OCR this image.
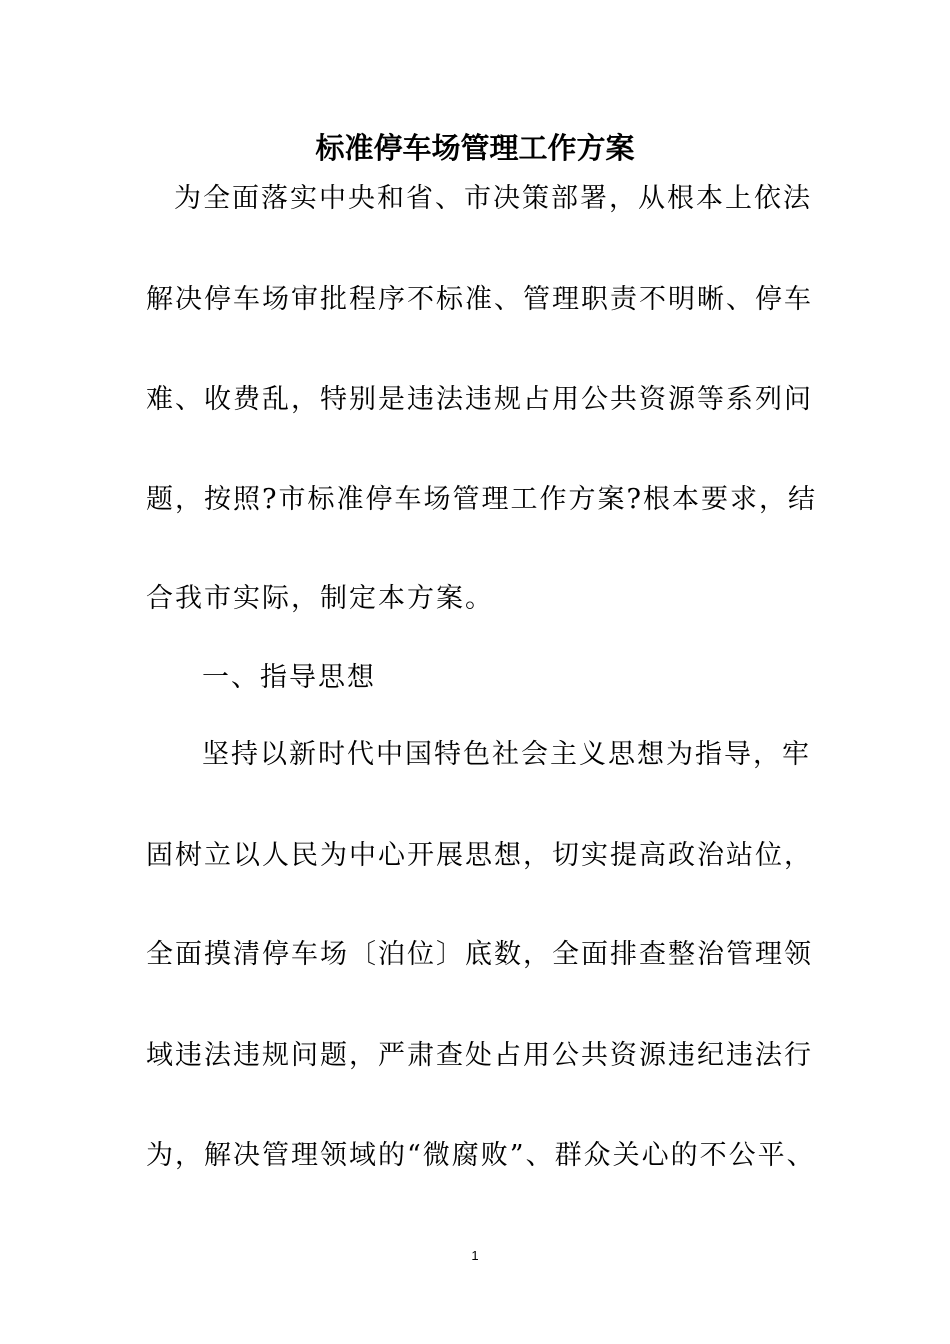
标准停车场管理工作方案
为全面落实中央和省、市决策部署，从根本上依法
解决停车场审批程序不标准、管理职责不明晰、停车
难、收费乱，特别是违法违规占用公共资源等系列问
题，按照?市标准停车场管理工作方案?根本要求，结
合我市实际，制定本方案。
一、指导思想
坚持以新时代中国特色社会主义思想为指导，牢
固树立以人民为中心开展思想，切实提高政治站位，
全面摸清停车场〔泊位〕底数，全面排查整治管理领
域违法违规问题，严肃查处占用公共资源违纪违法行
为，解决管理领域的“微腐败”、群众关心的不公平、
1
